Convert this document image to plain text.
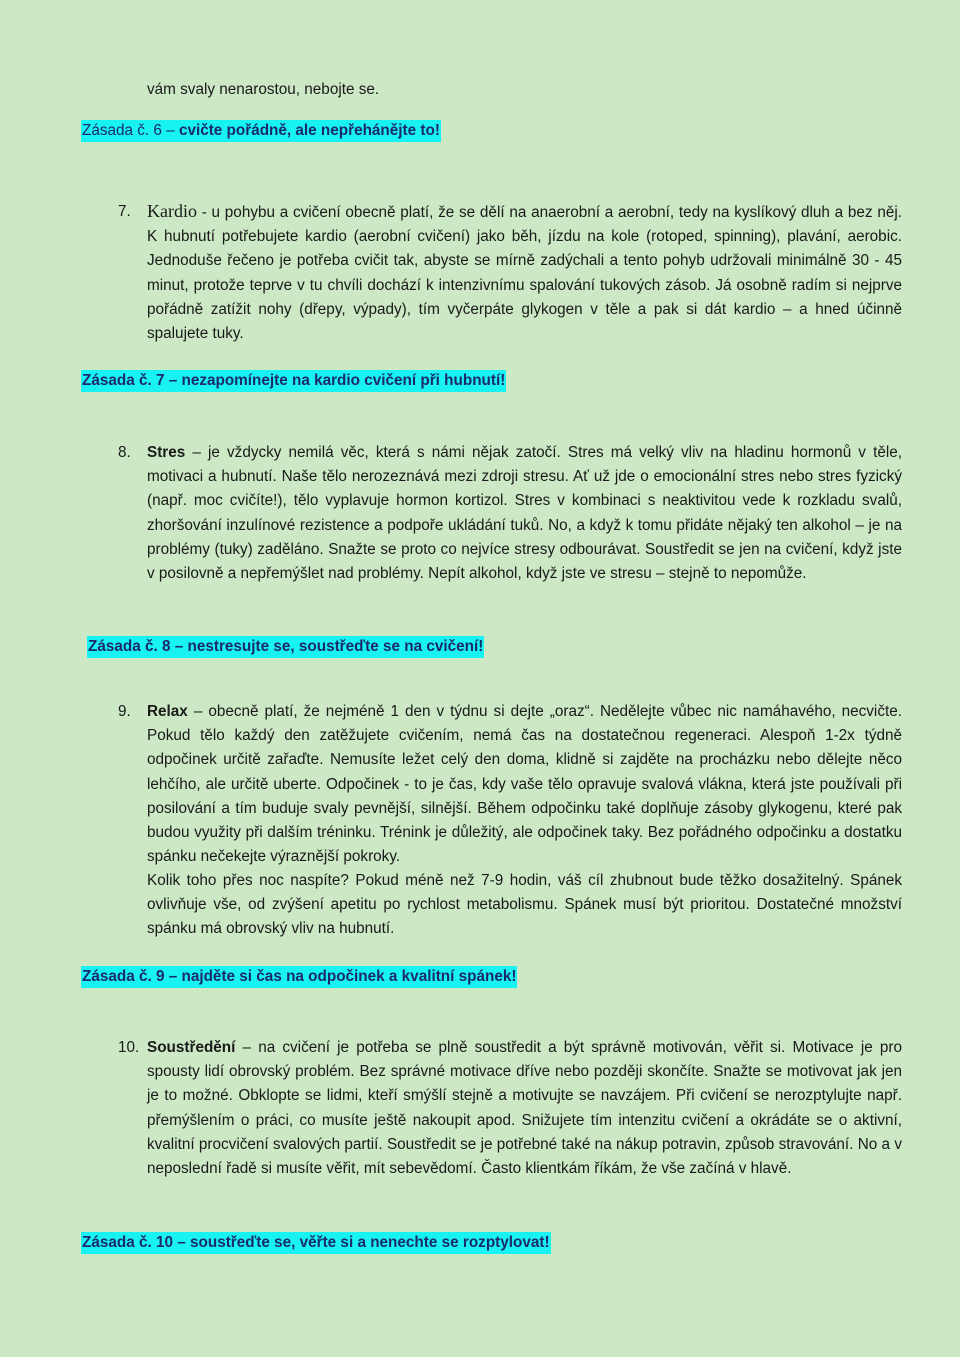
vám svaly nenarostou, nebojte se.

Zásada č. 6 – cvičte pořádně, ale nepřehánějte to!
7. Kardio - u pohybu a cvičení obecně platí, že se dělí na anaerobní a aerobní, tedy na kyslíkový dluh a bez něj. K hubnutí potřebujete kardio (aerobní cvičení) jako běh, jízdu na kole (rotoped, spinning), plavání, aerobic. Jednoduše řečeno je potřeba cvičit tak, abyste se mírně zadýchali a tento pohyb udržovali minimálně 30 - 45 minut, protože teprve v tu chvíli dochází k intenzivnímu spalování tukových zásob. Já osobně radím si nejprve pořádně zatížit nohy (dřepy, výpady), tím vyčerpáte glykogen v těle a pak si dát kardio – a hned účinně spalujete tuky.

Zásada č. 7 – nezapomínejte na kardio cvičení při hubnutí!
8. Stres – je vždycky nemilá věc, která s námi nějak zatočí. Stres má velký vliv na hladinu hormonů v těle, motivaci a hubnutí. Naše tělo nerozeznává mezi zdroji stresu. Ať už jde o emocionální stres nebo stres fyzický (např. moc cvičíte!), tělo vyplavuje hormon kortizol. Stres v kombinaci s neaktivitou vede k rozkladu svalů, zhoršování inzulínové rezistence a podpoře ukládání tuků. No, a když k tomu přidáte nějaký ten alkohol – je na problémy (tuky) zaděláno. Snažte se proto co nejvíce stresy odbourávat. Soustředit se jen na cvičení, když jste v posilovně a nepřemýšlet nad problémy. Nepít alkohol, když jste ve stresu – stejně to nepomůže.

Zásada č. 8 – nestresujte se, soustřeďte se na cvičení!
9. Relax – obecně platí, že nejméně 1 den v týdnu si dejte „oraz“. Nedělejte vůbec nic namáhavého, necvičte. Pokud tělo každý den zatěžujete cvičením, nemá čas na dostatečnou regeneraci. Alespoň 1-2x týdně odpočinek určitě zařaďte. Nemusíte ležet celý den doma, klidně si zajděte na procházku nebo dělejte něco lehčího, ale určitě uberte. Odpočinek - to je čas, kdy vaše tělo opravuje svalová vlákna, která jste používali při posilování a tím buduje svaly pevnější, silnější. Během odpočinku také doplňuje zásoby glykogenu, které pak budou využity při dalším tréninku. Trénink je důležitý, ale odpočinek taky. Bez pořádného odpočinku a dostatku spánku nečekejte výraznější pokroky.

Kolik toho přes noc naspíte? Pokud méně než 7-9 hodin, váš cíl zhubnout bude těžko dosažitelný. Spánek ovlivňuje vše, od zvýšení apetitu po rychlost metabolismu. Spánek musí být prioritou. Dostatečné množství spánku má obrovský vliv na hubnutí.

Zásada č. 9 – najděte si čas na odpočinek a kvalitní spánek!
10. Soustředění – na cvičení je potřeba se plně soustředit a být správně motivován, věřit si. Motivace je pro spousty lidí obrovský problém. Bez správné motivace dříve nebo později skončíte. Snažte se motivovat jak jen je to možné. Obklopte se lidmi, kteří smýšlí stejně a motivujte se navzájem. Při cvičení se nerozptylujte např. přemýšlením o práci, co musíte ještě nakoupit apod. Snižujete tím intenzitu cvičení a okrádáte se o aktivní, kvalitní procvičení svalových partií. Soustředit se je potřebné také na nákup potravin, způsob stravování. No a v neposlední řadě si musíte věřit, mít sebevědomí. Často klientkám říkám, že vše začíná v hlavě.

Zásada č. 10 – soustřeďte se, věřte si a nenechte se rozptylovat!
